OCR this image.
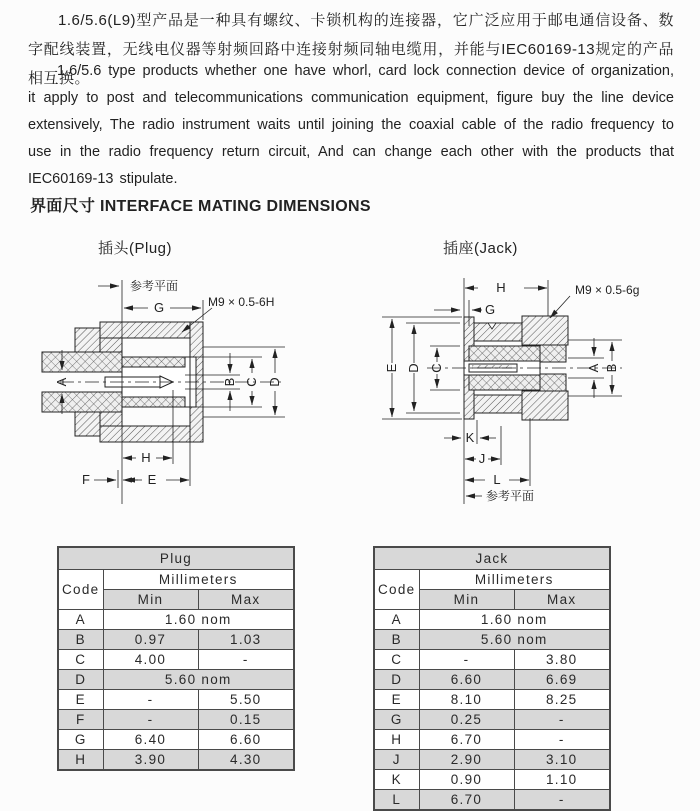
1.6/5.6(L9)型产品是一种具有螺纹、卡锁机构的连接器，它广泛应用于邮电通信设备、数字配线装置，无线电仪器等射频回路中连接射频同轴电缆用，并能与IEC60169-13规定的产品相互换。
1.6/5.6 type products whether one have whorl, card lock connection device of organization, it apply to post and telecommunications communication equipment, figure buy the line device extensively, The radio instrument waits until joining the coaxial cable of the radio frequency to use in the radio frequency return circuit, And can change each other with the products that IEC60169-13 stipulate.
界面尺寸 INTERFACE MATING DIMENSIONS
插头(Plug)	插座(Jack)
参考平面
G	M9 × 0.5-6H
A	B C D
H
E
F
H	M9 × 0.5-6g
G
E D C	A B
K
J
L
参考平面
Plug		
Code	Millimeters	
	Min	Max
A	1.60 nom	
B	0.97	1.03
C	4.00	-
D	5.60 nom	
E	-	5.50
F	-	0.15
G	6.40	6.60
H	3.90	4.30
Jack		
Code	Millimeters	
	Min	Max
A	1.60 nom	
B	5.60 nom	
C	-	3.80
D	6.60	6.69
E	8.10	8.25
G	0.25	-
H	6.70	-
J	2.90	3.10
K	0.90	1.10
L	6.70	-
